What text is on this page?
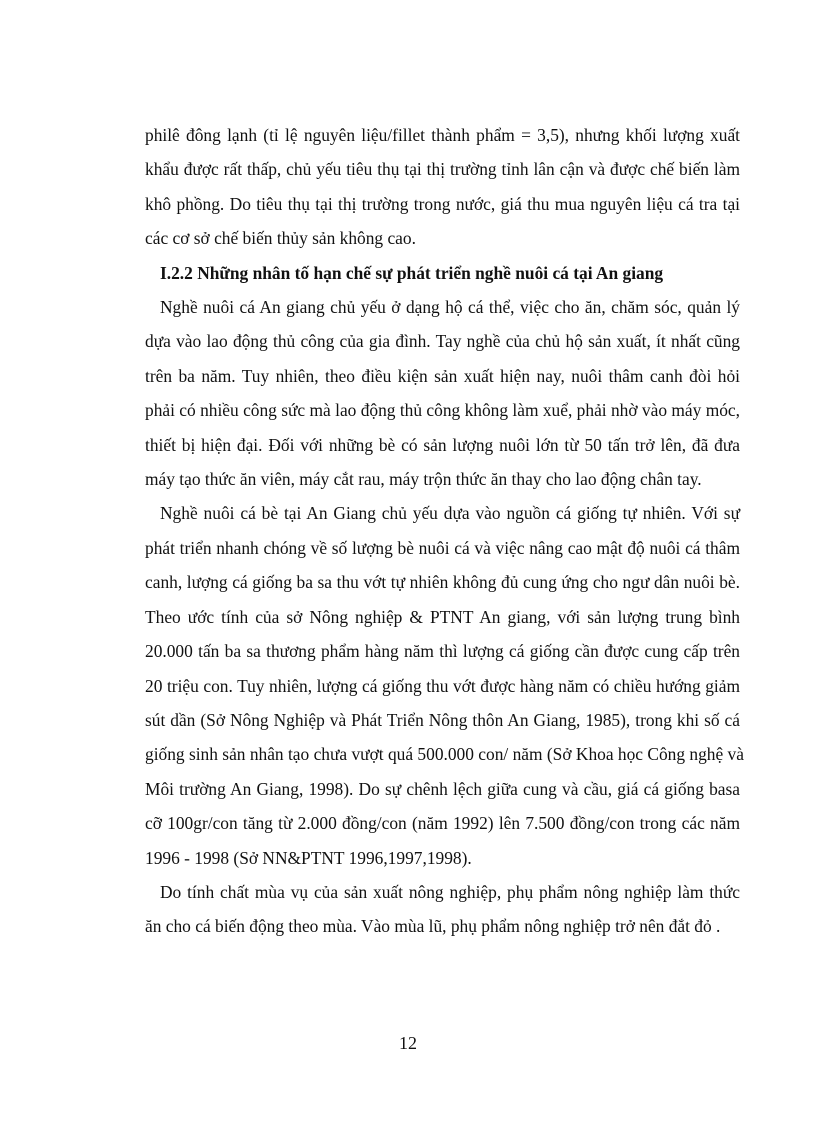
philê đông lạnh (tỉ lệ nguyên liệu/fillet thành phẩm = 3,5), nhưng khối lượng xuất
khẩu được rất thấp, chủ yếu tiêu thụ tại thị trường tỉnh lân cận và được chế biến làm
khô phồng. Do tiêu thụ tại thị trường trong nước, giá thu mua nguyên liệu cá tra tại
các cơ sở chế biến thủy sản không cao.

I.2.2 Những nhân tố hạn chế sự phát triển nghề nuôi cá tại An giang

Nghề nuôi cá An giang chủ yếu ở dạng hộ cá thể, việc cho ăn, chăm sóc, quản lý
dựa vào lao động thủ công của gia đình. Tay nghề của chủ hộ sản xuất, ít nhất cũng
trên ba năm. Tuy nhiên, theo điều kiện sản xuất hiện nay, nuôi thâm canh đòi hỏi
phải có nhiều công sức mà lao động thủ công không làm xuể, phải nhờ vào máy móc,
thiết bị hiện đại. Đối với những bè có sản lượng nuôi lớn từ 50 tấn trở lên, đã đưa
máy tạo thức ăn viên, máy cắt rau, máy trộn thức ăn thay cho lao động chân tay.

Nghề nuôi cá bè tại An Giang chủ yếu dựa vào nguồn cá giống tự nhiên. Với sự
phát triển nhanh chóng về số lượng bè nuôi cá và việc nâng cao mật độ nuôi cá thâm
canh, lượng cá giống ba sa thu vớt tự nhiên không đủ cung ứng cho ngư dân nuôi bè.
Theo ước tính của sở Nông nghiệp & PTNT An giang, với sản lượng trung bình
20.000 tấn ba sa thương phẩm hàng năm thì lượng cá giống cần được cung cấp trên
20 triệu con. Tuy nhiên, lượng cá giống thu vớt được hàng năm có chiều hướng giảm
sút dần (Sở Nông Nghiệp và Phát Triển Nông thôn An Giang, 1985), trong khi số cá
giống sinh sản nhân tạo chưa vượt quá 500.000 con/ năm (Sở Khoa học Công nghệ và
Môi trường An Giang, 1998). Do sự chênh lệch giữa cung và cầu, giá cá giống basa
cỡ 100gr/con tăng từ 2.000 đồng/con (năm 1992) lên 7.500 đồng/con trong các năm
1996 - 1998 (Sở NN&PTNT 1996,1997,1998).

Do tính chất mùa vụ của sản xuất nông nghiệp, phụ phẩm nông nghiệp làm thức
ăn cho cá biến động theo mùa. Vào mùa lũ, phụ phẩm nông nghiệp trở nên đắt đỏ .

12
